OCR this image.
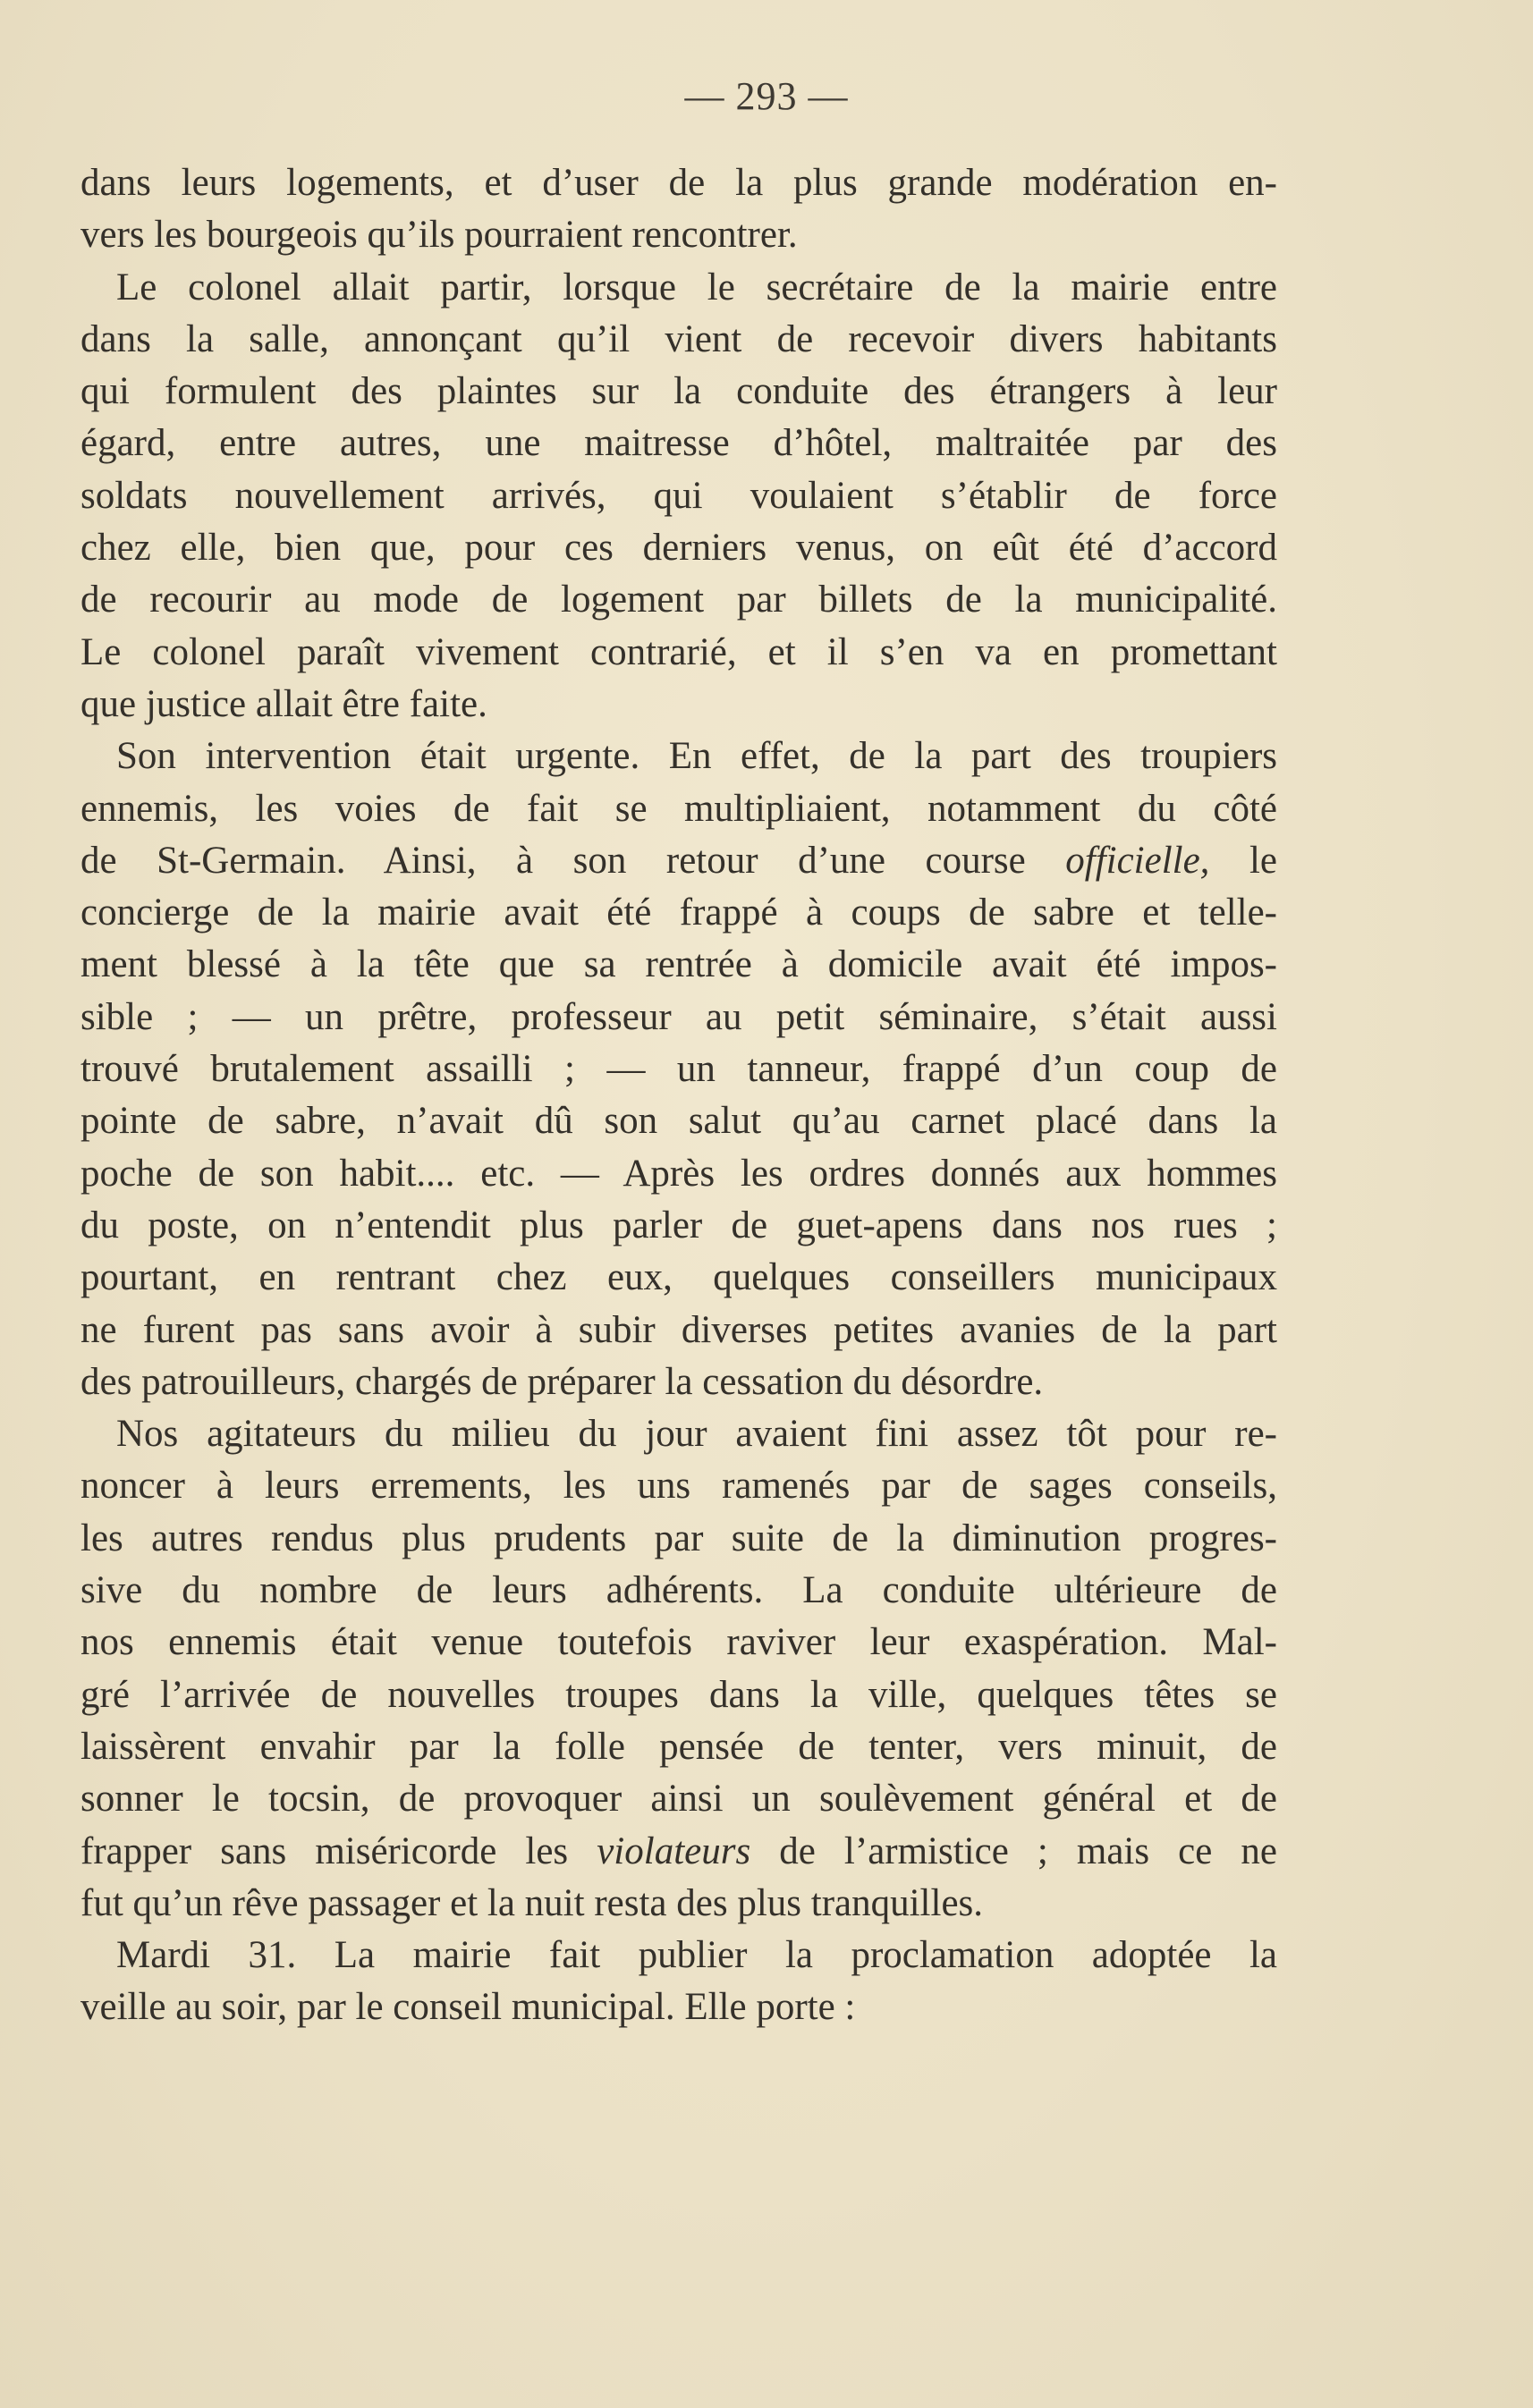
— 293 —

dans leurs logements, et d’user de la plus grande modération en-
vers les bourgeois qu’ils pourraient rencontrer.

Le colonel allait partir, lorsque le secrétaire de la mairie entre
dans la salle, annonçant qu’il vient de recevoir divers habitants
qui formulent des plaintes sur la conduite des étrangers à leur
égard, entre autres, une maitresse d’hôtel, maltraitée par des
soldats nouvellement arrivés, qui voulaient s’établir de force
chez elle, bien que, pour ces derniers venus, on eût été d’accord
de recourir au mode de logement par billets de la municipalité.
Le colonel paraît vivement contrarié, et il s’en va en promettant
que justice allait être faite.

Son intervention était urgente. En effet, de la part des troupiers
ennemis, les voies de fait se multipliaient, notamment du côté
de St-Germain. Ainsi, à son retour d’une course officielle, le
concierge de la mairie avait été frappé à coups de sabre et telle-
ment blessé à la tête que sa rentrée à domicile avait été impos-
sible ; — un prêtre, professeur au petit séminaire, s’était aussi
trouvé brutalement assailli ; — un tanneur, frappé d’un coup de
pointe de sabre, n’avait dû son salut qu’au carnet placé dans la
poche de son habit.... etc. — Après les ordres donnés aux hommes
du poste, on n’entendit plus parler de guet-apens dans nos rues ;
pourtant, en rentrant chez eux, quelques conseillers municipaux
ne furent pas sans avoir à subir diverses petites avanies de la part
des patrouilleurs, chargés de préparer la cessation du désordre.

Nos agitateurs du milieu du jour avaient fini assez tôt pour re-
noncer à leurs errements, les uns ramenés par de sages conseils,
les autres rendus plus prudents par suite de la diminution progres-
sive du nombre de leurs adhérents. La conduite ultérieure de
nos ennemis était venue toutefois raviver leur exaspération. Mal-
gré l’arrivée de nouvelles troupes dans la ville, quelques têtes se
laissèrent envahir par la folle pensée de tenter, vers minuit, de
sonner le tocsin, de provoquer ainsi un soulèvement général et de
frapper sans miséricorde les violateurs de l’armistice ; mais ce ne
fut qu’un rêve passager et la nuit resta des plus tranquilles.

Mardi 31. La mairie fait publier la proclamation adoptée la
veille au soir, par le conseil municipal. Elle porte :
